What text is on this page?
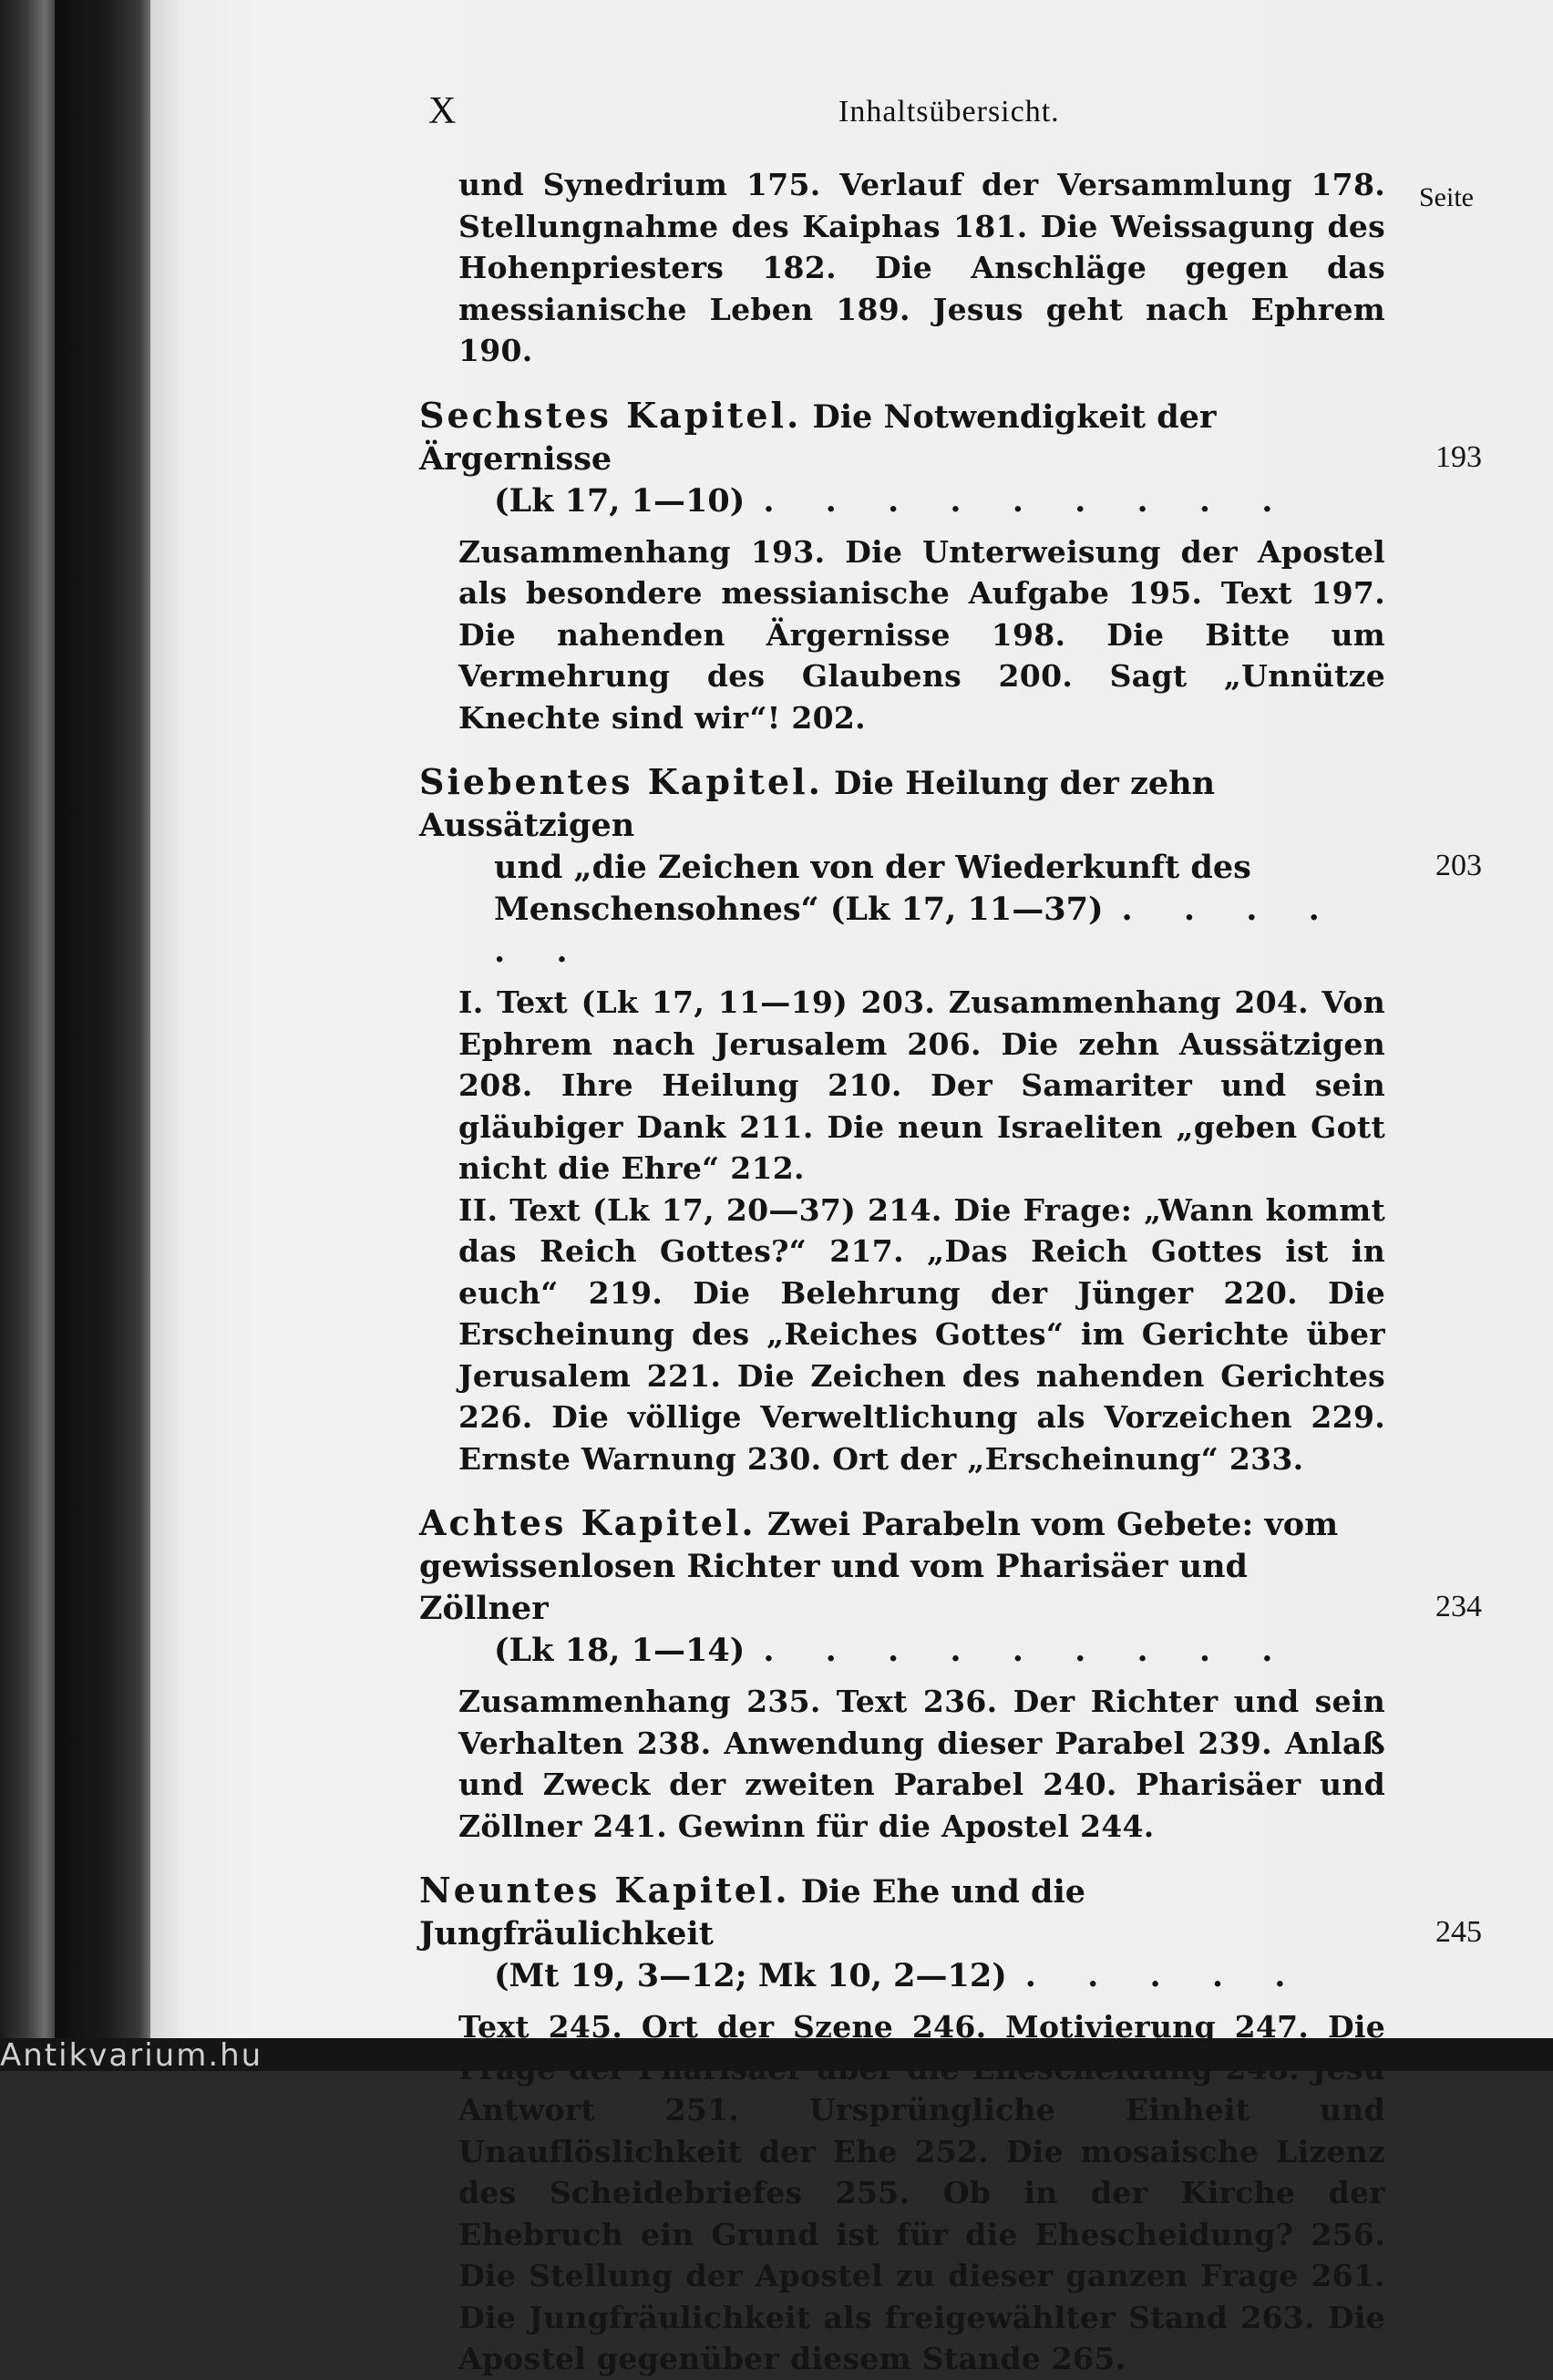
Antikvarium.hu
X	Inhaltsübersicht.
Seite

und Synedrium 175. Verlauf der Versammlung 178. Stellungnahme des Kaiphas 181. Die Weissagung des Hohenpriesters 182. Die Anschläge gegen das messianische Leben 189. Jesus geht nach Ephrem 190.

Sechstes Kapitel. Die Notwendigkeit der Ärgernisse
(Lk 17, 1—10) . . . . . . . . .
193

Zusammenhang 193. Die Unterweisung der Apostel als besondere messianische Aufgabe 195. Text 197. Die nahenden Ärgernisse 198. Die Bitte um Vermehrung des Glaubens 200. Sagt „Unnütze Knechte sind wir“! 202.

Siebentes Kapitel. Die Heilung der zehn Aussätzigen
und „die Zeichen von der Wiederkunft des Menschensohnes“ (Lk 17, 11—37) . . . . . .
203

I. Text (Lk 17, 11—19) 203. Zusammenhang 204. Von Ephrem nach Jerusalem 206. Die zehn Aussätzigen 208. Ihre Heilung 210. Der Samariter und sein gläubiger Dank 211. Die neun Israeliten „geben Gott nicht die Ehre“ 212.

II. Text (Lk 17, 20—37) 214. Die Frage: „Wann kommt das Reich Gottes?“ 217. „Das Reich Gottes ist in euch“ 219. Die Belehrung der Jünger 220. Die Erscheinung des „Reiches Gottes“ im Gerichte über Jerusalem 221. Die Zeichen des nahenden Gerichtes 226. Die völlige Verweltlichung als Vorzeichen 229. Ernste Warnung 230. Ort der „Erscheinung“ 233.

Achtes Kapitel. Zwei Parabeln vom Gebete: vom gewissenlosen Richter und vom Pharisäer und Zöllner
(Lk 18, 1—14) . . . . . . . . .
234

Zusammenhang 235. Text 236. Der Richter und sein Verhalten 238. Anwendung dieser Parabel 239. Anlaß und Zweck der zweiten Parabel 240. Pharisäer und Zöllner 241. Gewinn für die Apostel 244.

Neuntes Kapitel. Die Ehe und die Jungfräulichkeit
(Mt 19, 3—12; Mk 10, 2—12) . . . . .
245

Text 245. Ort der Szene 246. Motivierung 247. Die Frage der Pharisäer über die Ehescheidung 248. Jesu Antwort 251. Ursprüngliche Einheit und Unauflöslichkeit der Ehe 252. Die mosaische Lizenz des Scheidebriefes 255. Ob in der Kirche der Ehebruch ein Grund ist für die Ehescheidung? 256. Die Stellung der Apostel zu dieser ganzen Frage 261. Die Jungfräulichkeit als freigewählter Stand 263. Die Apostel gegenüber diesem Stande 265.
